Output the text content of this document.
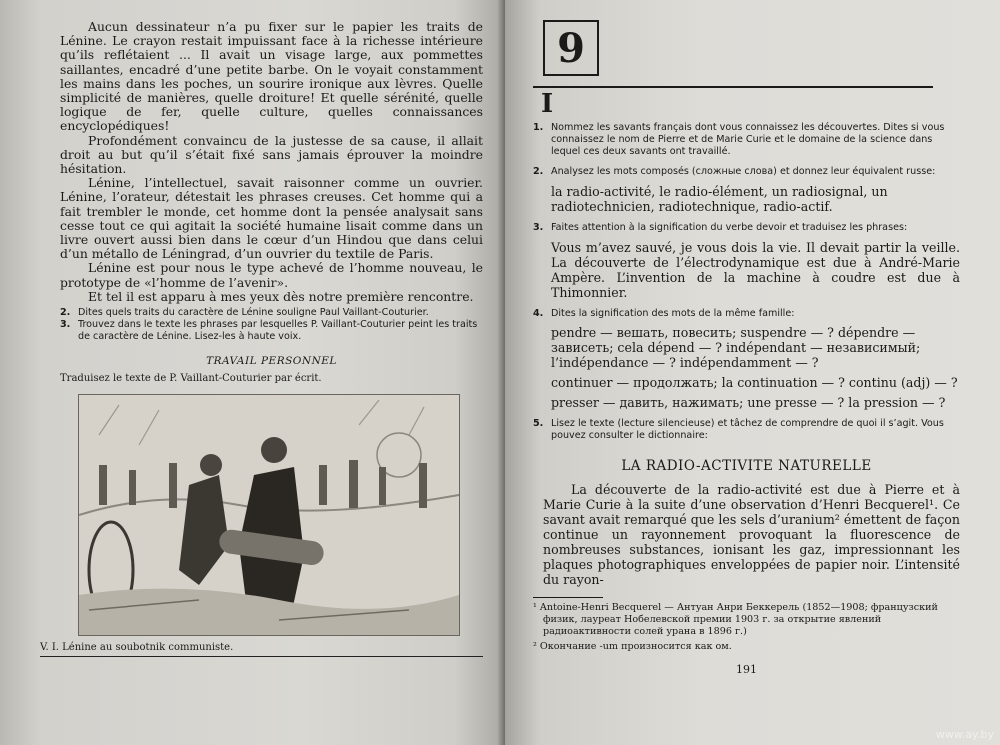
Aucun dessinateur n’a pu fixer sur le papier les traits de Lénine. Le crayon restait impuissant face à la richesse intérieure qu’ils reflétaient ... Il avait un visage large, aux pommettes saillantes, encadré d’une petite barbe. On le voyait constamment les mains dans les poches, un sourire ironique aux lèvres. Quelle simplicité de manières, quelle droiture! Et quelle sérénité, quelle logique de fer, quelle culture, quelles connaissances encyclopédiques!

Profondément convaincu de la justesse de sa cause, il allait droit au but qu’il s’était fixé sans jamais éprouver la moindre hésitation.

Lénine, l’intellectuel, savait raisonner comme un ouvrier. Lénine, l’orateur, détestait les phrases creuses. Cet homme qui a fait trembler le monde, cet homme dont la pensée analysait sans cesse tout ce qui agitait la société humaine lisait comme dans un livre ouvert aussi bien dans le cœur d’un Hindou que dans celui d’un métallo de Léningrad, d’un ouvrier du textile de Paris.

Lénine est pour nous le type achevé de l’homme nouveau, le prototype de «l’homme de l’avenir».

Et tel il est apparu à mes yeux dès notre première rencontre.

2. Dites quels traits du caractère de Lénine souligne Paul Vaillant-Couturier.

3. Trouvez dans le texte les phrases par lesquelles P. Vaillant-Couturier peint les traits de caractère de Lénine. Lisez-les à haute voix.

TRAVAIL PERSONNEL

Traduisez le texte de P. Vaillant-Couturier par écrit.

V. I. Lénine au soubotnik communiste.

9
I

1. Nommez les savants français dont vous connaissez les découvertes. Dites si vous connaissez le nom de Pierre et de Marie Curie et le domaine de la science dans lequel ces deux savants ont travaillé.

2. Analysez les mots composés (сложные слова) et donnez leur équivalent russe:

la radio-activité, le radio-élément, un radiosignal, un radiotechnicien, radiotechnique, radio-actif.

3. Faites attention à la signification du verbe devoir et traduisez les phrases:

Vous m’avez sauvé, je vous dois la vie. Il devait partir la veille. La découverte de l’électrodynamique est due à André-Marie Ampère. L’invention de la machine à coudre est due à Thimonnier.

4. Dites la signification des mots de la même famille:

pendre — вешать, повесить; suspendre — ? dépendre — зависеть; cela dépend — ? indépendant — независимый; l’indépendance — ? indépendamment — ?

continuer — продолжать; la continuation — ? continu (adj) — ?

presser — давить, нажимать; une presse — ? la pression — ?

5. Lisez le texte (lecture silencieuse) et tâchez de comprendre de quoi il s’agit. Vous pouvez consulter le dictionnaire:

LA RADIO-ACTIVITE NATURELLE

La découverte de la radio-activité est due à Pierre et à Marie Curie à la suite d’une observation d’Henri Becquerel¹. Ce savant avait remarqué que les sels d’uranium² émettent de façon continue un rayonnement provoquant la fluorescence de nombreuses substances, ionisant les gaz, impressionnant les plaques photographiques enveloppées de papier noir. L’intensité du rayon-

¹ Antoine-Henri Becquerel — Антуан Анри Беккерель (1852—1908; французский физик, лауреат Нобелевской премии 1903 г. за открытие явлений радиоактивности солей урана в 1896 г.)

² Окончание -um произносится как ом.

191

www.ay.by
